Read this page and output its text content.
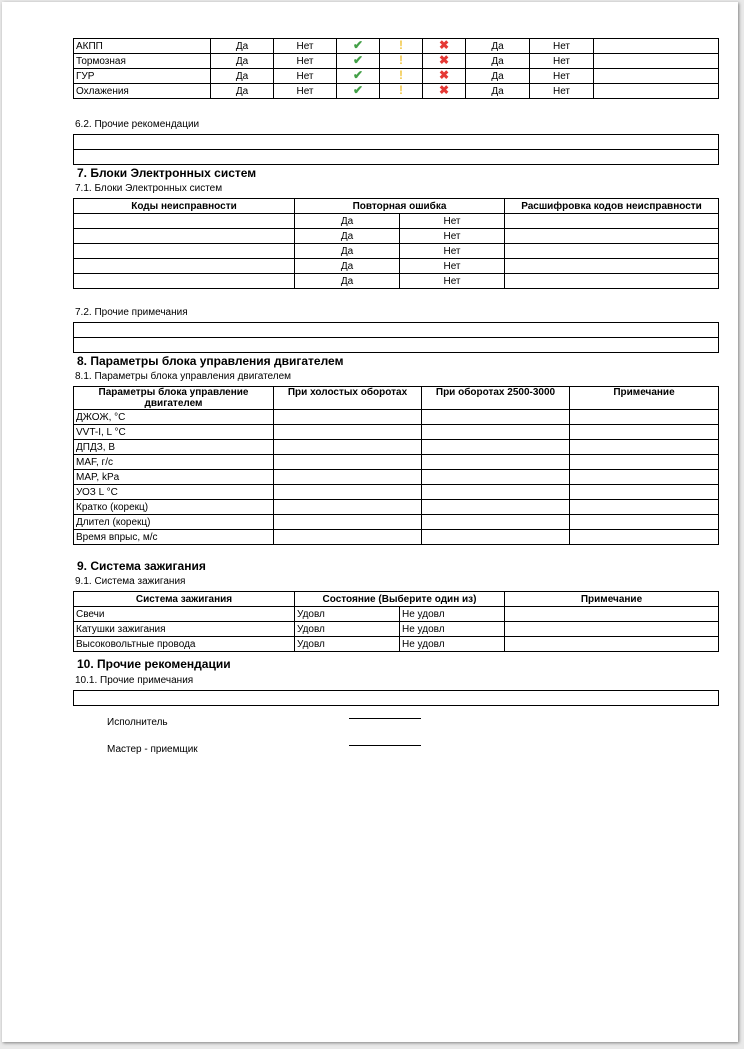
АКПП	Да	Нет	✔	!	✖	Да	Нет	
Тормозная	Да	Нет	✔	!	✖	Да	Нет	
ГУР	Да	Нет	✔	!	✖	Да	Нет	
Охлажения	Да	Нет	✔	!	✖	Да	Нет	
6.2. Прочие рекомендации

7. Блоки Электронных систем
7.1. Блоки Электронных систем
Коды неисправности	Повторная ошибка		Расшифровка кодов неисправности
	Да	Нет	
	Да	Нет	
	Да	Нет	
	Да	Нет	
	Да	Нет	
7.2. Прочие примечания

8. Параметры блока управления двигателем
8.1. Параметры блока управления двигателем
Параметры блока управление двигателем	При холостых оборотах	При оборотах 2500-3000	Примечание
ДЖОЖ, °C			
VVT-I, L °C			
ДПДЗ, В			
MAF, г/с			
MAP, kPa			
УОЗ L °C			
Кратко (корекц)			
Длител (корекц)			
Время впрыс, м/с			
9. Система зажигания
9.1. Система зажигания
Система зажигания	Состояние (Выберите один из)		Примечание
Свечи	Удовл	Не удовл	
Катушки зажигания	Удовл	Не удовл	
Высоковольтные провода	Удовл	Не удовл	
10. Прочие рекомендации
10.1. Прочие примечания
Исполнитель
Мастер - приемщик
